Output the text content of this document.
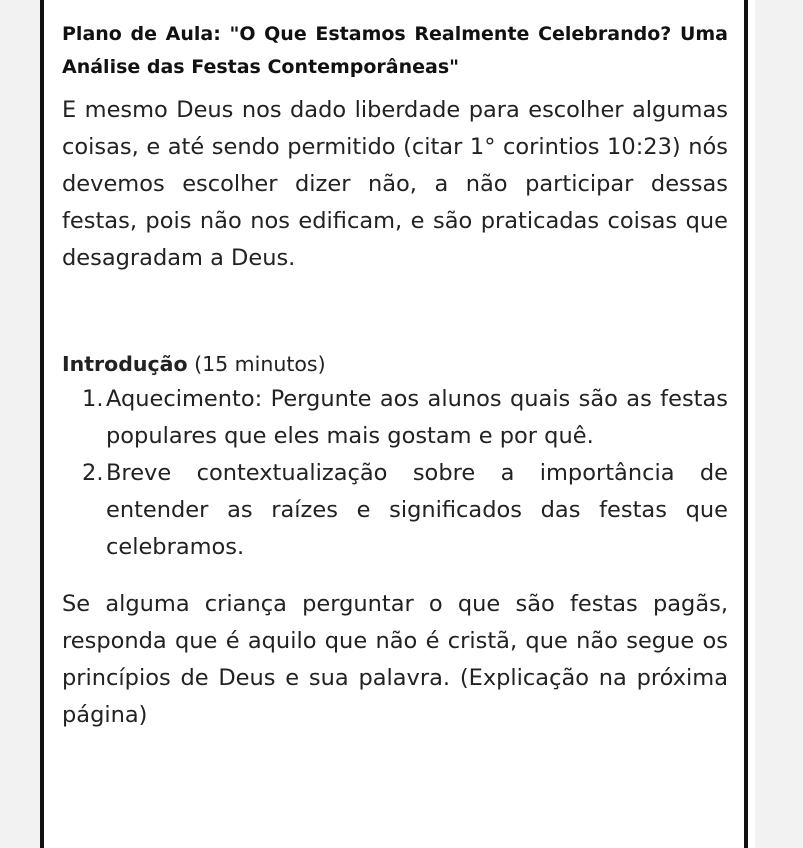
Plano de Aula: "O Que Estamos Realmente Celebrando? Uma Análise das Festas Contemporâneas"

E mesmo Deus nos dado liberdade para escolher algumas coisas, e até sendo permitido (citar 1° corintios 10:23) nós devemos escolher dizer não, a não participar dessas festas, pois não nos edificam, e são praticadas coisas que desagradam a Deus.

Introdução (15 minutos)
1. Aquecimento: Pergunte aos alunos quais são as festas populares que eles mais gostam e por quê.
2. Breve contextualização sobre a importância de entender as raízes e significados das festas que celebramos.

Se alguma criança perguntar o que são festas pagãs, responda que é aquilo que não é cristã, que não segue os princípios de Deus e sua palavra. (Explicação na próxima página)
